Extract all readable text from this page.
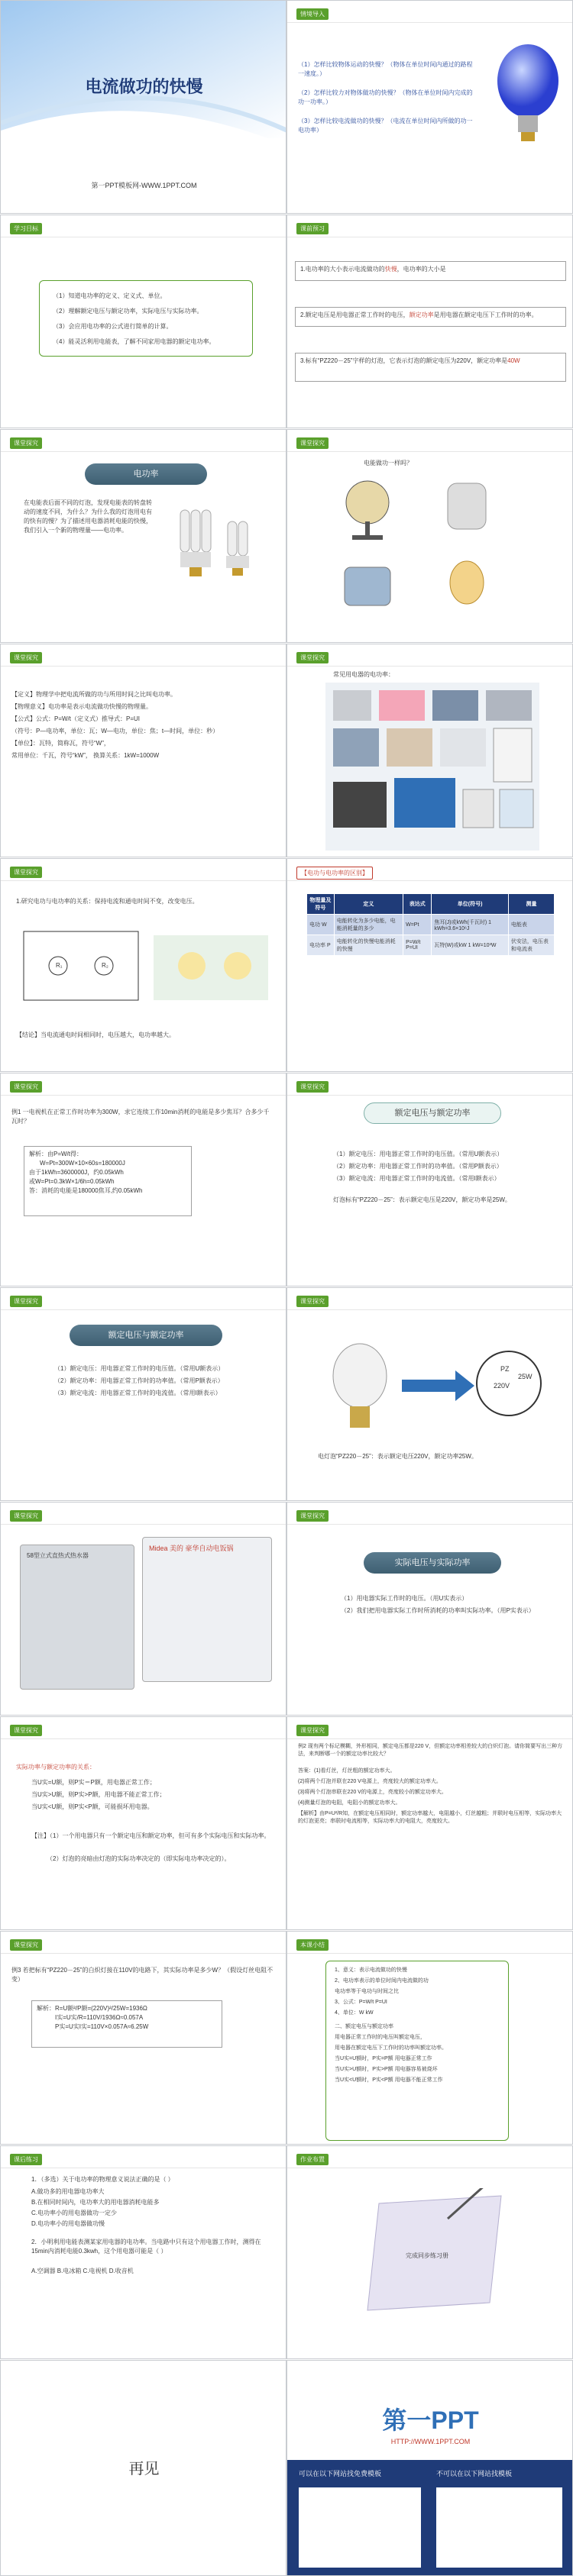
电流做功的快慢
第一PPT模板网-WWW.1PPT.COM
情境导入
（1）怎样比较物体运动的快慢？（物体在单位时间内通过的路程一速度。）
（2）怎样比较力对物体做功的快慢？（物体在单位时间内完成的功一功率。）
（3）怎样比较电流做功的快慢？（电流在单位时间内所做的功一电功率）
学习目标
（1）知道电功率的定义、定义式、单位。
（2）理解额定电压与额定功率，实际电压与实际功率。
（3）会应用电功率的公式进行简单的计算。
（4）能灵活利用电能表，了解不同家用电器的额定电功率。
课前预习
1.电功率的大小表示电流做功的快慢，电功率的大小是
2.额定电压是用电器正常工作时的电压，额定功率是用电器在额定电压下工作时的功率。
3.标有“PZ220－25”字样的灯泡，它表示灯泡的额定电压为220V，额定功率是40W
课堂探究
电功率
在电能表后面不同的灯泡，发现电能表的转盘转动的速度不同，为什么？为什么我的灯泡用电有的快有的慢？为了描述用电器消耗电能的快慢，我们引入一个新的物理量——电功率。
课堂探究
电能做功一样吗？
课堂探究
【定义】物理学中把电流所做的功与所用时间之比叫电功率。
【物理意义】电功率是表示电流做功快慢的物理量。
【公式】公式：P=W/t（定义式）推导式：P=UI
（符号：P—电功率，单位：瓦；W—电功，单位：焦；t—时间，单位：秒）
【单位】：瓦特，简称瓦，符号“W”，
常用单位：千瓦，符号“kW”， 换算关系：1kW=1000W
课堂探究
常见用电器的电功率：
课堂探究
1.研究电功与电功率的关系：保持电流和通电时间不变，改变电压。
R₁	R₂
【结论】当电流通电时间相同时，电压越大，电功率越大。
【电功与电功率的区别】
物理量及符号	定义	表达式	单位(符号)	测量
电功 W	电能转化为多少电能，电能消耗量的多少	W=Pt	焦耳(J)或kWh(千瓦时) 1 kWh=3.6×10⁶J	电能表
电功率 P	电能转化的快慢电能消耗的快慢	P=W/t P=UI	瓦特(W)或kW 1 kW=10³W	伏安法，电压表和电流表
课堂探究
例1 一电视机在正常工作时功率为300W，求它连续工作10min消耗的电能是多少焦耳？合多少千瓦时？
解析：由P=W/t得：
W=Pt=300W×10×60s=180000J
由于1kWh=3600000J，约0.05kWh
或W=Pt=0.3kW×1/6h=0.05kWh
答：消耗的电能是180000焦耳,约0.05kWh
课堂探究
额定电压与额定功率
（1）额定电压：用电器正常工作时的电压值。（常用U额表示）
（2）额定功率：用电器正常工作时的功率值。（常用P额表示）
（3）额定电流：用电器正常工作时的电流值。（常用I额表示）
灯泡标有“PZ220－25”：表示额定电压是220V，额定功率是25W。
课堂探究
额定电压与额定功率
（1）额定电压：用电器正常工作时的电压值。（常用U额表示）
（2）额定功率：用电器正常工作时的功率值。（常用P额表示）
（3）额定电流：用电器正常工作时的电流值。（常用I额表示）
课堂探究
PZ
220V
25W
电灯泡“PZ220－25”：表示额定电压220V，额定功率25W。
课堂探究
58型立式直热式热水器
Midea 美的 豪华自动电饭锅
课堂探究
实际电压与实际功率
（1）用电器实际工作时的电压。（用U实表示）
（2）我们把用电器实际工作时所消耗的功率叫实际功率。（用P实表示）
课堂探究
实际功率与额定功率的关系：
当U实=U额，则P实＝P额，用电器正常工作；
当U实>U额，则P实>P额，用电器不能正常工作；
当U实<U额，则P实<P额，可能损坏用电器。
【注】（1）一个用电器只有一个额定电压和额定功率，但可有多个实际电压和实际功率。
（2）灯泡的亮暗由灯泡的实际功率决定的（即实际电功率决定的）。
课堂探究
例2 现有两个标记模糊，外形相同，额定电压都是220 V，但额定功率相差较大的白炽灯泡。请你简要写出三种方法，来判断哪一个的额定功率比较大？
答案：(1)看灯丝，灯丝粗的额定功率大。
(2)将两个灯泡并联在220 V电源上，亮度较大的额定功率大。
(3)将两个灯泡串联在220 V的电源上，亮度较小的额定功率大。
(4)测量灯泡的电阻，电阻小的额定功率大。
【解析】由P=U²/R知，在额定电压相同时，额定功率越大，电阻越小，灯丝越粗；并联时电压相等，实际功率大的灯泡更亮；串联时电流相等，实际功率大的电阻大，亮度较大。
课堂探究
例3 若把标有“PZ220－25”的白炽灯接在110V的电路下，其实际功率是多少W？（假设灯丝电阻不变）
解析：R=U额²/P额=(220V)²/25W=1936Ω
I实=U实/R=110V/1936Ω≈0.057A
P实=U实I实=110V×0.057A≈6.25W
本课小结
1、意义：表示电流做功的快慢
2、电功率表示的单位时间内电流做的功
电功率等于电功与时间之比
3、公式：P=W/t P=UI
4、单位：W kW
二、额定电压与额定功率
用电器正常工作时的电压叫额定电压，
用电器在额定电压下工作时的功率叫额定功率。
当U实=U额时，P实=P额 用电器正常工作
当U实>U额时，P实>P额 用电器容易被烧坏
当U实<U额时，P实<P额 用电器不能正常工作
课后练习
1．（多选）关于电功率的物理意义说法正确的是（ ）
A.做功多的用电器电功率大
B.在相同时间内，电功率大的用电器消耗电能多
C.电功率小的用电器做功一定少
D.电功率小的用电器做功慢
2．小明利用电能表测某家用电器的电功率。当电路中只有这个用电器工作时，测得在15min内消耗电能0.3kwh，这个用电器可能是（ ）
A.空调器 B.电冰箱 C.电视机 D.收音机
作业布置
完成同步练习册
再见
第一PPT
HTTP://WWW.1PPT.COM
可以在以下网站找免费模板	不可以在以下网站找模板
